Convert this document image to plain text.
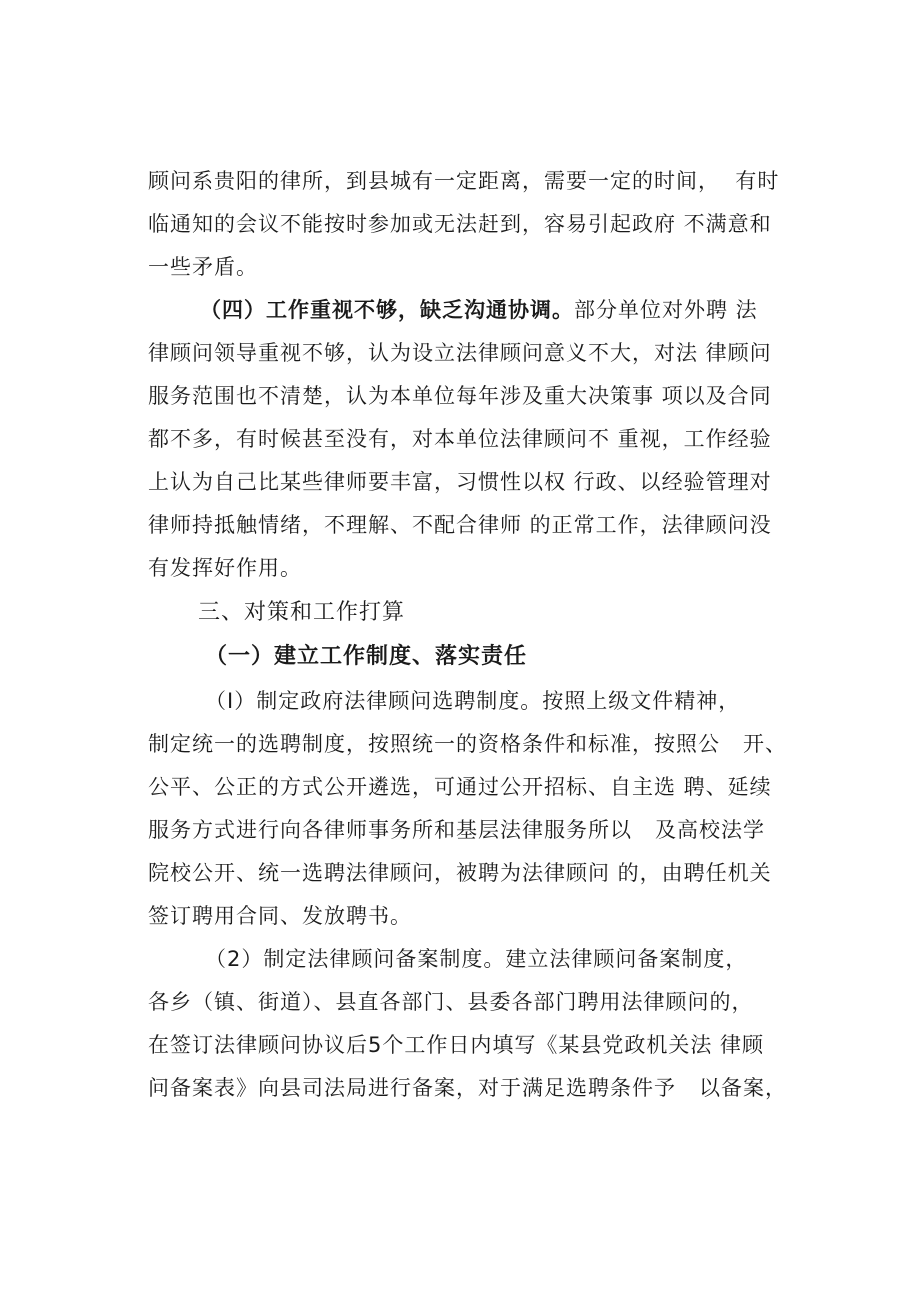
顾问系贵阳的律所，到县城有一定距离，需要一定的时间，  有时
临通知的会议不能按时参加或无法赶到，容易引起政府 不满意和
一些矛盾。
（四）工作重视不够，缺乏沟通协调。部分单位对外聘 法
律顾问领导重视不够，认为设立法律顾问意义不大，对法 律顾问
服务范围也不清楚，认为本单位每年涉及重大决策事 项以及合同
都不多，有时候甚至没有，对本单位法律顾问不 重视，工作经验
上认为自己比某些律师要丰富，习惯性以权 行政、以经验管理对
律师持抵触情绪，不理解、不配合律师 的正常工作，法律顾问没
有发挥好作用。
三、对策和工作打算
（一）建立工作制度、落实责任
（I）制定政府法律顾问选聘制度。按照上级文件精神，
制定统一的选聘制度，按照统一的资格条件和标准，按照公   开、
公平、公正的方式公开遴选，可通过公开招标、自主选 聘、延续
服务方式进行向各律师事务所和基层法律服务所以   及高校法学
院校公开、统一选聘法律顾问，被聘为法律顾问 的，由聘任机关
签订聘用合同、发放聘书。
（2）制定法律顾问备案制度。建立法律顾问备案制度，
各乡（镇、街道）、县直各部门、县委各部门聘用法律顾问的，
在签订法律顾问协议后5个工作日内填写《某县党政机关法 律顾
问备案表》向县司法局进行备案，对于满足选聘条件予   以备案，
